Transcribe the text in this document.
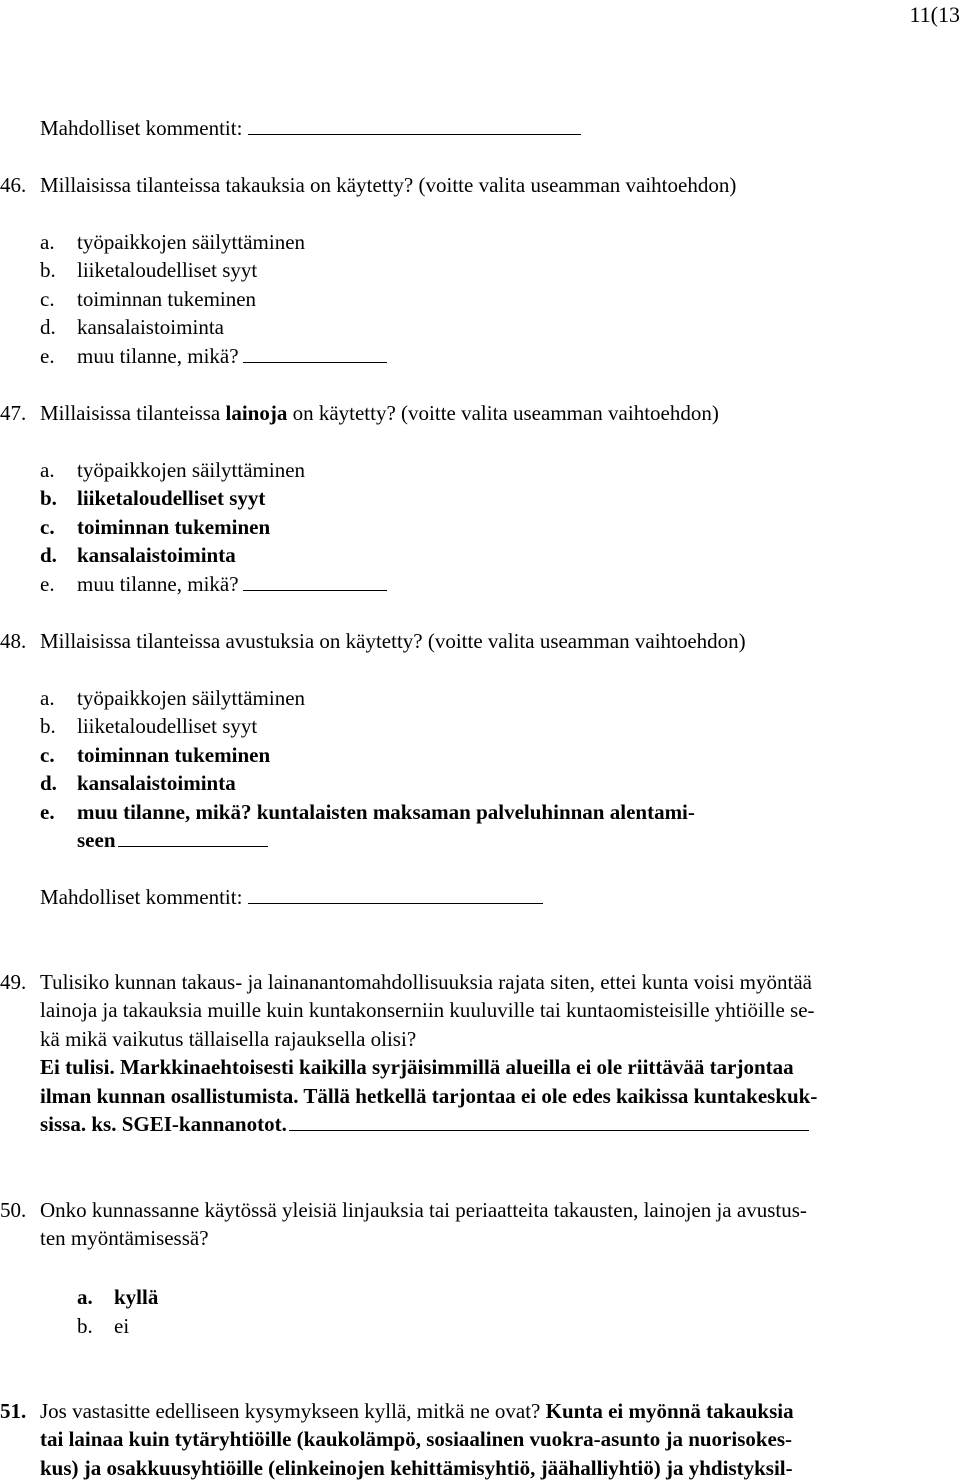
11(13
Mahdolliset kommentit:
46. Millaisissa tilanteissa takauksia on käytetty? (voitte valita useamman vaihtoehdon)
a. työpaikkojen säilyttäminen
b. liiketaloudelliset syyt
c. toiminnan tukeminen
d. kansalaistoiminta
e. muu tilanne, mikä?
47. Millaisissa tilanteissa lainoja on käytetty? (voitte valita useamman vaihtoehdon)
a. työpaikkojen säilyttäminen
b. liiketaloudelliset syyt
c. toiminnan tukeminen
d. kansalaistoiminta
e. muu tilanne, mikä?
48. Millaisissa tilanteissa avustuksia on käytetty? (voitte valita useamman vaihtoehdon)
a. työpaikkojen säilyttäminen
b. liiketaloudelliset syyt
c. toiminnan tukeminen
d. kansalaistoiminta
e. muu tilanne, mikä? kuntalaisten maksaman palveluhinnan alentami-
seen
Mahdolliset kommentit:
49. Tulisiko kunnan takaus- ja lainanantomahdollisuuksia rajata siten, ettei kunta voisi myöntää
lainoja ja takauksia muille kuin kuntakonserniin kuuluville tai kuntaomisteisille yhtiöille se-
kä mikä vaikutus tällaisella rajauksella olisi?
Ei tulisi. Markkinaehtoisesti kaikilla syrjäisimmillä alueilla ei ole riittävää tarjontaa
ilman kunnan osallistumista. Tällä hetkellä tarjontaa ei ole edes kaikissa kuntakeskuk-
sissa. ks. SGEI-kannanotot.
50. Onko kunnassanne käytössä yleisiä linjauksia tai periaatteita takausten, lainojen ja avustus-
ten myöntämisessä?
a. kyllä
b. ei
51. Jos vastasitte edelliseen kysymykseen kyllä, mitkä ne ovat? Kunta ei myönnä takauksia
tai lainaa kuin tytäryhtiöille (kaukolämpö, sosiaalinen vuokra-asunto ja nuorisokes-
kus) ja osakkuusyhtiöille (elinkeinojen kehittämisyhtiö, jäähalliyhtiö) ja yhdistyksil-
